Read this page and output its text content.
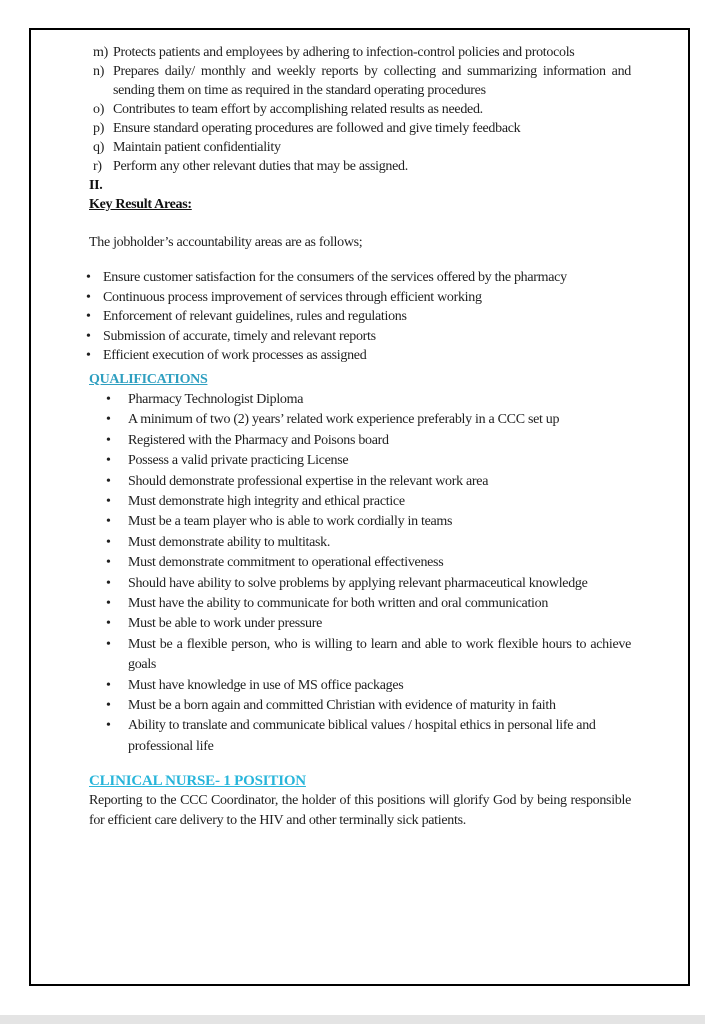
m) Protects patients and employees by adhering to infection-control policies and protocols
n) Prepares daily/ monthly and weekly reports by collecting and summarizing information and sending them on time as required in the standard operating procedures
o) Contributes to team effort by accomplishing related results as needed.
p) Ensure standard operating procedures are followed and give timely feedback
q) Maintain patient confidentiality
r) Perform any other relevant duties that may be assigned.
II.
Key Result Areas:

The jobholder’s accountability areas are as follows;

• Ensure customer satisfaction for the consumers of the services offered by the pharmacy
• Continuous process improvement of services through efficient working
• Enforcement of relevant guidelines, rules and regulations
• Submission of accurate, timely and relevant reports
• Efficient execution of work processes as assigned
QUALIFICATIONS
• Pharmacy Technologist Diploma
• A minimum of two (2) years’ related work experience preferably in a CCC set up
• Registered with the Pharmacy and Poisons board
• Possess a valid private practicing License
• Should demonstrate professional expertise in the relevant work area
• Must demonstrate high integrity and ethical practice
• Must be a team player who is able to work cordially in teams
• Must demonstrate ability to multitask.
• Must demonstrate commitment to operational effectiveness
• Should have ability to solve problems by applying relevant pharmaceutical knowledge
• Must have the ability to communicate for both written and oral communication
• Must be able to work under pressure
• Must be a flexible person, who is willing to learn and able to work flexible hours to achieve goals
• Must have knowledge in use of MS office packages
• Must be a born again and committed Christian with evidence of maturity in faith
• Ability to translate and communicate biblical values / hospital ethics in personal life and professional life
CLINICAL NURSE- 1 POSITION

Reporting to the CCC Coordinator, the holder of this positions will glorify God by being responsible for efficient care delivery to the HIV and other terminally sick patients.
